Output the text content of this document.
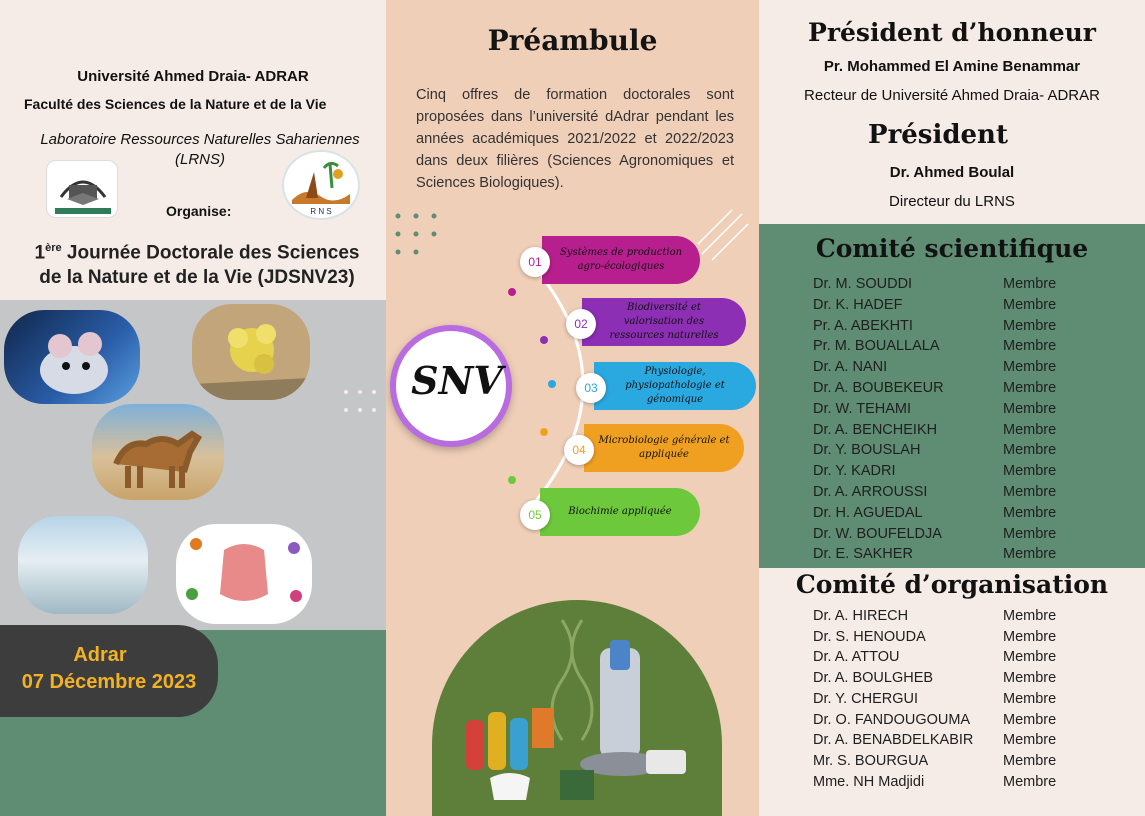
Université Ahmed Draia- ADRAR
Faculté des Sciences de la Nature et de la Vie
Laboratoire Ressources Naturelles Sahariennes
(LRNS)
R N S
Organise:
1ère Journée Doctorale des Sciences
de la Nature et de la Vie (JDSNV23)
Adrar
07 Décembre 2023
Préambule
Cinq offres de formation doctorales sont proposées dans l’université dAdrar pendant les années académiques 2021/2022 et 2022/2023 dans deux filières (Sciences Agronomiques et Sciences Biologiques).
SNV
Systèmes de production agro-écologiques
01
Biodiversité et valorisation des ressources naturelles
02
Physiologie, physiopathologie et génomique
03
Microbiologie générale et appliquée
04
Biochimie appliquée
05
Président d’honneur
Pr. Mohammed El Amine Benammar
Recteur de Université Ahmed Draia- ADRAR
Président
Dr. Ahmed Boulal
Directeur du LRNS
Comité scientifique
Dr. M. SOUDDI	Membre
Dr. K. HADEF	Membre
Pr. A. ABEKHTI	Membre
Pr. M. BOUALLALA	Membre
Dr. A. NANI	Membre
Dr. A. BOUBEKEUR	Membre
Dr. W. TEHAMI	Membre
Dr. A. BENCHEIKH	Membre
Dr. Y. BOUSLAH	Membre
Dr. Y. KADRI	Membre
Dr. A. ARROUSSI	Membre
Dr. H. AGUEDAL	Membre
Dr. W. BOUFELDJA	Membre
Dr. E. SAKHER	Membre
Comité d’organisation
Dr. A. HIRECH	Membre
Dr. S. HENOUDA	Membre
Dr. A. ATTOU	Membre
Dr. A. BOULGHEB	Membre
Dr. Y. CHERGUI	Membre
Dr. O. FANDOUGOUMA Membre
Dr. A. BENABDELKABIR Membre
Mr. S. BOURGUA	Membre
Mme. NH Madjidi	Membre
